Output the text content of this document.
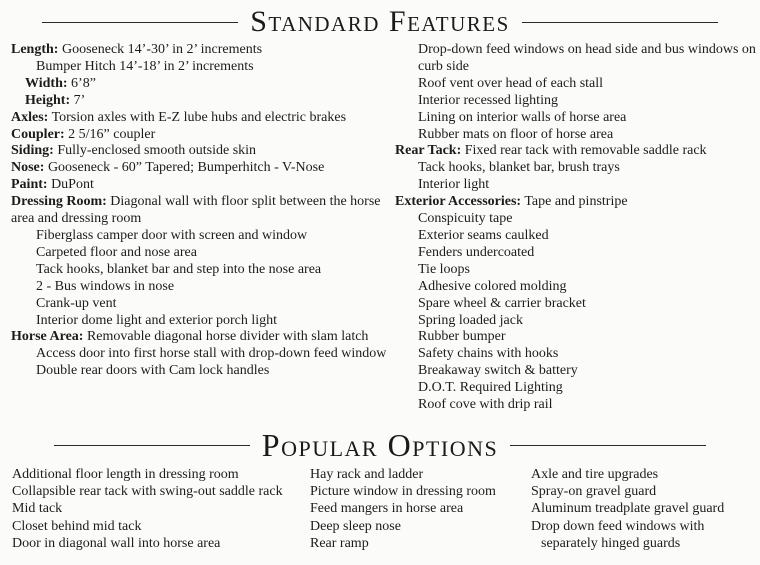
Standard Features
Length: Gooseneck 14’-30’ in 2’ increments
Bumper Hitch 14’-18’ in 2’ increments
Width: 6’8”
Height: 7’
Axles: Torsion axles with E-Z lube hubs and electric brakes
Coupler: 2 5/16” coupler
Siding: Fully-enclosed smooth outside skin
Nose: Gooseneck - 60” Tapered; Bumperhitch - V-Nose
Paint: DuPont
Dressing Room: Diagonal wall with floor split between the horse area and dressing room
Fiberglass camper door with screen and window
Carpeted floor and nose area
Tack hooks, blanket bar and step into the nose area
2 - Bus windows in nose
Crank-up vent
Interior dome light and exterior porch light
Horse Area: Removable diagonal horse divider with slam latch
Access door into first horse stall with drop-down feed window
Double rear doors with Cam lock handles
Drop-down feed windows on head side and bus windows on curb side
Roof vent over head of each stall
Interior recessed lighting
Lining on interior walls of horse area
Rubber mats on floor of horse area
Rear Tack: Fixed rear tack with removable saddle rack
Tack hooks, blanket bar, brush trays
Interior light
Exterior Accessories: Tape and pinstripe
Conspicuity tape
Exterior seams caulked
Fenders undercoated
Tie loops
Adhesive colored molding
Spare wheel & carrier bracket
Spring loaded jack
Rubber bumper
Safety chains with hooks
Breakaway switch & battery
D.O.T. Required Lighting
Roof cove with drip rail
Popular Options
Additional floor length in dressing room
Collapsible rear tack with swing-out saddle rack
Mid tack
Closet behind mid tack
Door in diagonal wall into horse area
Hay rack and ladder
Picture window in dressing room
Feed mangers in horse area
Deep sleep nose
Rear ramp
Axle and tire upgrades
Spray-on gravel guard
Aluminum treadplate gravel guard
Drop down feed windows with
separately hinged guards
